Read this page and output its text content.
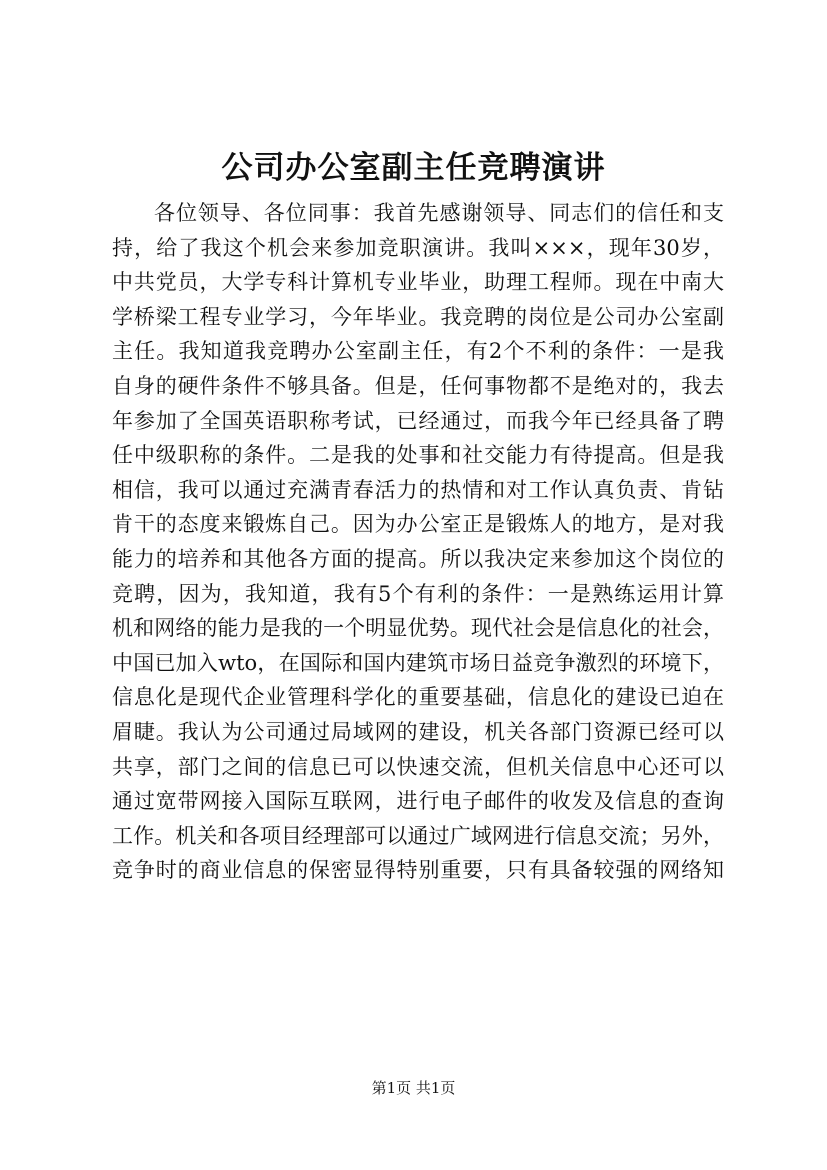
公司办公室副主任竞聘演讲
各位领导、各位同事：我首先感谢领导、同志们的信任和支
持，给了我这个机会来参加竞职演讲。我叫×××，现年30岁，
中共党员，大学专科计算机专业毕业，助理工程师。现在中南大
学桥梁工程专业学习，今年毕业。我竞聘的岗位是公司办公室副
主任。我知道我竞聘办公室副主任，有2个不利的条件：一是我
自身的硬件条件不够具备。但是，任何事物都不是绝对的，我去
年参加了全国英语职称考试，已经通过，而我今年已经具备了聘
任中级职称的条件。二是我的处事和社交能力有待提高。但是我
相信，我可以通过充满青春活力的热情和对工作认真负责、肯钻
肯干的态度来锻炼自己。因为办公室正是锻炼人的地方，是对我
能力的培养和其他各方面的提高。所以我决定来参加这个岗位的
竞聘，因为，我知道，我有5个有利的条件：一是熟练运用计算
机和网络的能力是我的一个明显优势。现代社会是信息化的社会，
中国已加入wto，在国际和国内建筑市场日益竞争激烈的环境下，
信息化是现代企业管理科学化的重要基础，信息化的建设已迫在
眉睫。我认为公司通过局域网的建设，机关各部门资源已经可以
共享，部门之间的信息已可以快速交流，但机关信息中心还可以
通过宽带网接入国际互联网，进行电子邮件的收发及信息的查询
工作。机关和各项目经理部可以通过广域网进行信息交流；另外，
竞争时的商业信息的保密显得特别重要，只有具备较强的网络知
第1页 共1页
